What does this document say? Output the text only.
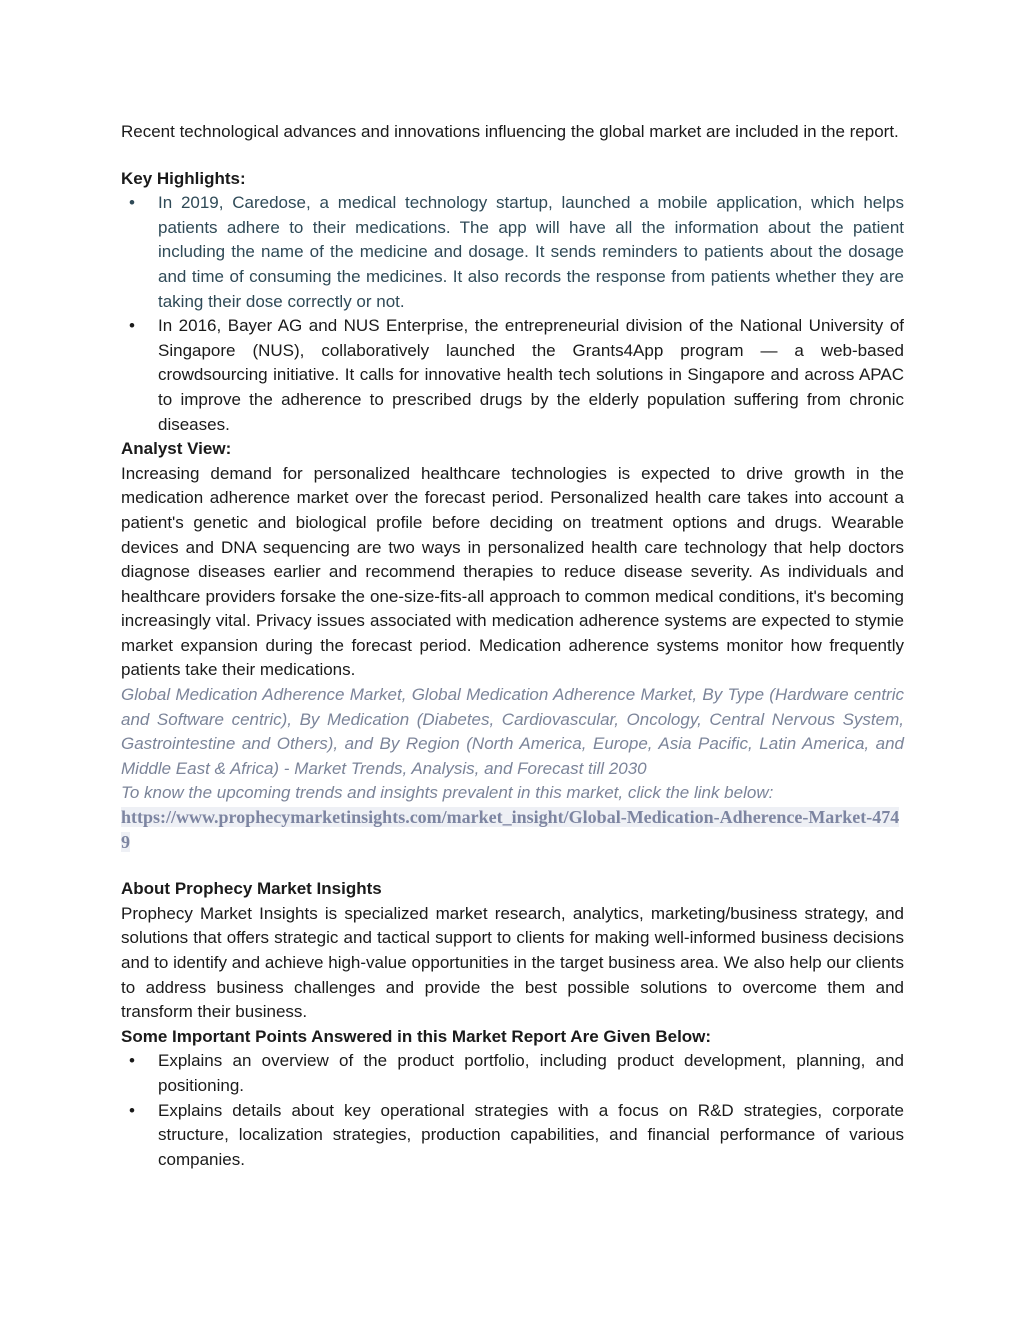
Recent technological advances and innovations influencing the global market are included in the report.

Key Highlights:

• In 2019, Caredose, a medical technology startup, launched a mobile application, which helps patients adhere to their medications. The app will have all the information about the patient including the name of the medicine and dosage. It sends reminders to patients about the dosage and time of consuming the medicines. It also records the response from patients whether they are taking their dose correctly or not.
• In 2016, Bayer AG and NUS Enterprise, the entrepreneurial division of the National University of Singapore (NUS), collaboratively launched the Grants4App program — a web-based crowdsourcing initiative. It calls for innovative health tech solutions in Singapore and across APAC to improve the adherence to prescribed drugs by the elderly population suffering from chronic diseases.

Analyst View:

Increasing demand for personalized healthcare technologies is expected to drive growth in the medication adherence market over the forecast period. Personalized health care takes into account a patient's genetic and biological profile before deciding on treatment options and drugs. Wearable devices and DNA sequencing are two ways in personalized health care technology that help doctors diagnose diseases earlier and recommend therapies to reduce disease severity. As individuals and healthcare providers forsake the one-size-fits-all approach to common medical conditions, it's becoming increasingly vital. Privacy issues associated with medication adherence systems are expected to stymie market expansion during the forecast period. Medication adherence systems monitor how frequently patients take their medications.

Global Medication Adherence Market, Global Medication Adherence Market, By Type (Hardware centric and Software centric), By Medication (Diabetes, Cardiovascular, Oncology, Central Nervous System, Gastrointestine and Others), and By Region (North America, Europe, Asia Pacific, Latin America, and Middle East & Africa) - Market Trends, Analysis, and Forecast till 2030

To know the upcoming trends and insights prevalent in this market, click the link below:

https://www.prophecymarketinsights.com/market_insight/Global-Medication-Adherence-Market-4749

About Prophecy Market Insights

Prophecy Market Insights is specialized market research, analytics, marketing/business strategy, and solutions that offers strategic and tactical support to clients for making well-informed business decisions and to identify and achieve high-value opportunities in the target business area. We also help our clients to address business challenges and provide the best possible solutions to overcome them and transform their business.

Some Important Points Answered in this Market Report Are Given Below:

• Explains an overview of the product portfolio, including product development, planning, and positioning.
• Explains details about key operational strategies with a focus on R&D strategies, corporate structure, localization strategies, production capabilities, and financial performance of various companies.
